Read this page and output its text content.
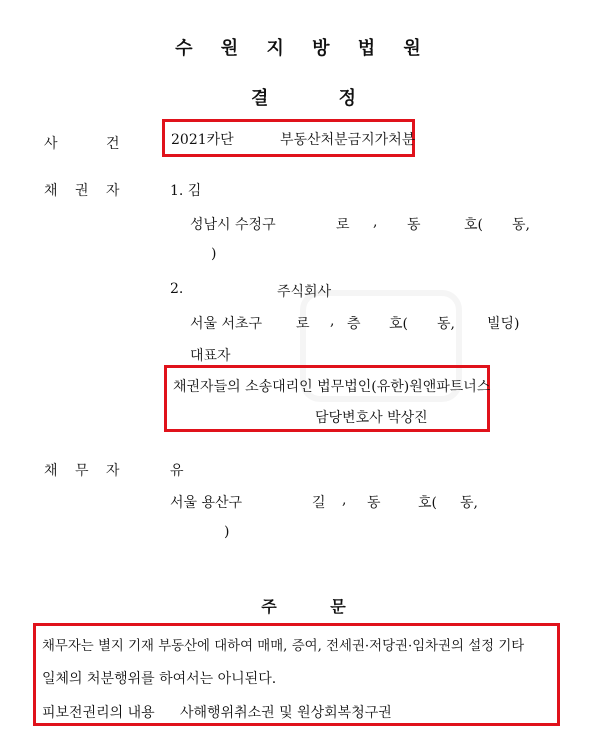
수 원 지 방 법 원
결 정
사	건	2021카단	부동산처분금지가처분
채 권 자	1. 김
성남시 수정구	로 , 동	호( 동,
)
2.	주식회사
서울 서초구 로 , 층 호( 동, 빌딩)
대표자
채권자들의 소송대리인 법무법인(유한)원앤파트너스
담당변호사 박상진
채 무 자	유
서울 용산구	길 , 동	호( 동,
)
주 문
채무자는 별지 기재 부동산에 대하여 매매, 증여, 전세권·저당권·임차권의 설정 기타
일체의 처분행위를 하여서는 아니된다.
피보전권리의 내용 사해행위취소권 및 원상회복청구권
